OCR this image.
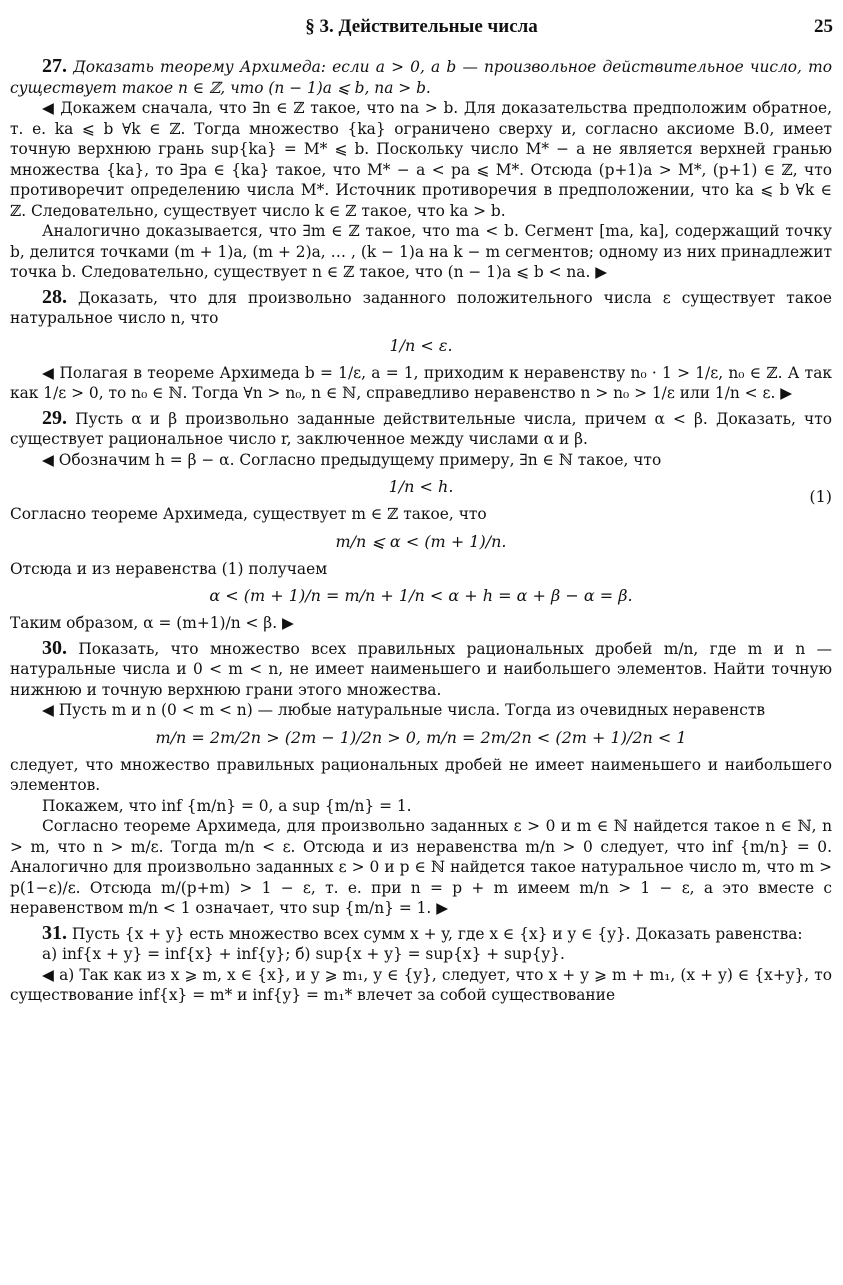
§ 3. Действительные числа	25
27. Доказать теорему Архимеда: если a > 0, a b — произвольное действительное число, то существует такое n ∈ ℤ, что (n − 1)a ⩽ b, na > b.
◀ Докажем сначала, что ∃n ∈ ℤ такое, что na > b. Для доказательства предположим обратное, т. е. ka ⩽ b ∀k ∈ ℤ. Тогда множество {ka} ограничено сверху и, согласно аксиоме В.0, имеет точную верхнюю грань sup{ka} = M* ⩽ b. Поскольку число M* − a не является верхней гранью множества {ka}, то ∃pa ∈ {ka} такое, что M* − a < pa ⩽ M*. Отсюда (p+1)a > M*, (p+1) ∈ ℤ, что противоречит определению числа M*. Источник противоречия в предположении, что ka ⩽ b ∀k ∈ ℤ. Следовательно, существует число k ∈ ℤ такое, что ka > b.
Аналогично доказывается, что ∃m ∈ ℤ такое, что ma < b. Сегмент [ma, ka], содержащий точку b, делится точками (m + 1)a, (m + 2)a, … , (k − 1)a на k − m сегментов; одному из них принадлежит точка b. Следовательно, существует n ∈ ℤ такое, что (n − 1)a ⩽ b < na. ▶
28. Доказать, что для произвольно заданного положительного числа ε существует такое натуральное число n, что
1/n < ε.
◀ Полагая в теореме Архимеда b = 1/ε, a = 1, приходим к неравенству n₀ · 1 > 1/ε, n₀ ∈ ℤ. А так как 1/ε > 0, то n₀ ∈ ℕ. Тогда ∀n > n₀, n ∈ ℕ, справедливо неравенство n > n₀ > 1/ε или 1/n < ε. ▶
29. Пусть α и β произвольно заданные действительные числа, причем α < β. Доказать, что существует рациональное число r, заключенное между числами α и β.
◀ Обозначим h = β − α. Согласно предыдущему примеру, ∃n ∈ ℕ такое, что
1/n < h.
(1)
Согласно теореме Архимеда, существует m ∈ ℤ такое, что
m/n ⩽ α < (m + 1)/n.
Отсюда и из неравенства (1) получаем
α < (m + 1)/n = m/n + 1/n < α + h = α + β − α = β.
Таким образом, α = (m+1)/n < β. ▶
30. Показать, что множество всех правильных рациональных дробей m/n, где m и n — натуральные числа и 0 < m < n, не имеет наименьшего и наибольшего элементов. Найти точную нижнюю и точную верхнюю грани этого множества.
◀ Пусть m и n (0 < m < n) — любые натуральные числа. Тогда из очевидных неравенств
m/n = 2m/2n > (2m − 1)/2n > 0, m/n = 2m/2n < (2m + 1)/2n < 1
следует, что множество правильных рациональных дробей не имеет наименьшего и наибольшего элементов.
Покажем, что inf {m/n} = 0, а sup {m/n} = 1.
Согласно теореме Архимеда, для произвольно заданных ε > 0 и m ∈ ℕ найдется такое n ∈ ℕ, n > m, что n > m/ε. Тогда m/n < ε. Отсюда и из неравенства m/n > 0 следует, что inf {m/n} = 0. Аналогично для произвольно заданных ε > 0 и p ∈ ℕ найдется такое натуральное число m, что m > p(1−ε)/ε. Отсюда m/(p+m) > 1 − ε, т. е. при n = p + m имеем m/n > 1 − ε, а это вместе с неравенством m/n < 1 означает, что sup {m/n} = 1. ▶
31. Пусть {x + y} есть множество всех сумм x + y, где x ∈ {x} и y ∈ {y}. Доказать равенства:
а) inf{x + y} = inf{x} + inf{y}; б) sup{x + y} = sup{x} + sup{y}.
◀ а) Так как из x ⩾ m, x ∈ {x}, и y ⩾ m₁, y ∈ {y}, следует, что x + y ⩾ m + m₁, (x + y) ∈ {x+y}, то существование inf{x} = m* и inf{y} = m₁* влечет за собой существование
